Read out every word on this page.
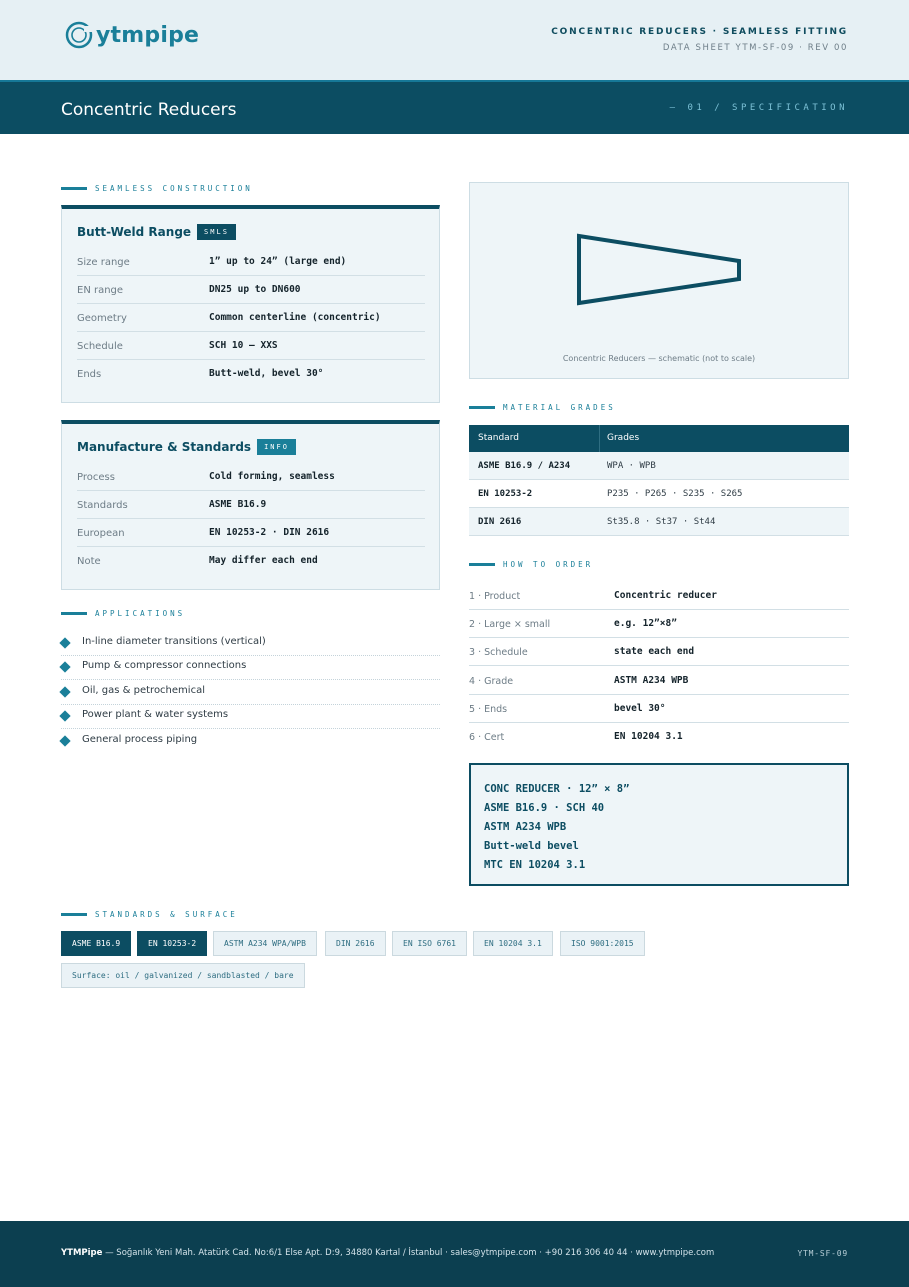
ytmpipe	CONCENTRIC REDUCERS · SEAMLESS FITTING
DATA SHEET YTM-SF-09 · REV 00
Concentric Reducers	— 01 / SPECIFICATION
SEAMLESS CONSTRUCTION
Butt-Weld Range	SMLS
Size range	1” up to 24” (large end)
EN range	DN25 up to DN600
Geometry	Common centerline (concentric)
Schedule	SCH 10 – XXS
Ends	Butt-weld, bevel 30°
Manufacture & Standards	INFO
Process	Cold forming, seamless
Standards	ASME B16.9
European	EN 10253-2 · DIN 2616
Note	May differ each end
APPLICATIONS
In-line diameter transitions (vertical)
Pump & compressor connections
Oil, gas & petrochemical
Power plant & water systems
General process piping
Concentric Reducers — schematic (not to scale)
MATERIAL GRADES
Standard	Grades
ASME B16.9 / A234	WPA · WPB
EN 10253-2	P235 · P265 · S235 · S265
DIN 2616	St35.8 · St37 · St44
HOW TO ORDER
1 · Product	Concentric reducer
2 · Large × small	e.g. 12”×8”
3 · Schedule	state each end
4 · Grade	ASTM A234 WPB
5 · Ends	bevel 30°
6 · Cert	EN 10204 3.1
CONC REDUCER · 12” × 8”
ASME B16.9 · SCH 40
ASTM A234 WPB
Butt-weld bevel
MTC EN 10204 3.1
STANDARDS & SURFACE
ASME B16.9	EN 10253-2	ASTM A234 WPA/WPB	DIN 2616	EN ISO 6761	EN 10204 3.1	ISO 9001:2015
Surface: oil / galvanized / sandblasted / bare
YTMPipe — Soğanlık Yeni Mah. Atatürk Cad. No:6/1 Else Apt. D:9, 34880 Kartal / İstanbul · sales@ytmpipe.com · +90 216 306 40 44 · www.ytmpipe.com	YTM-SF-09
